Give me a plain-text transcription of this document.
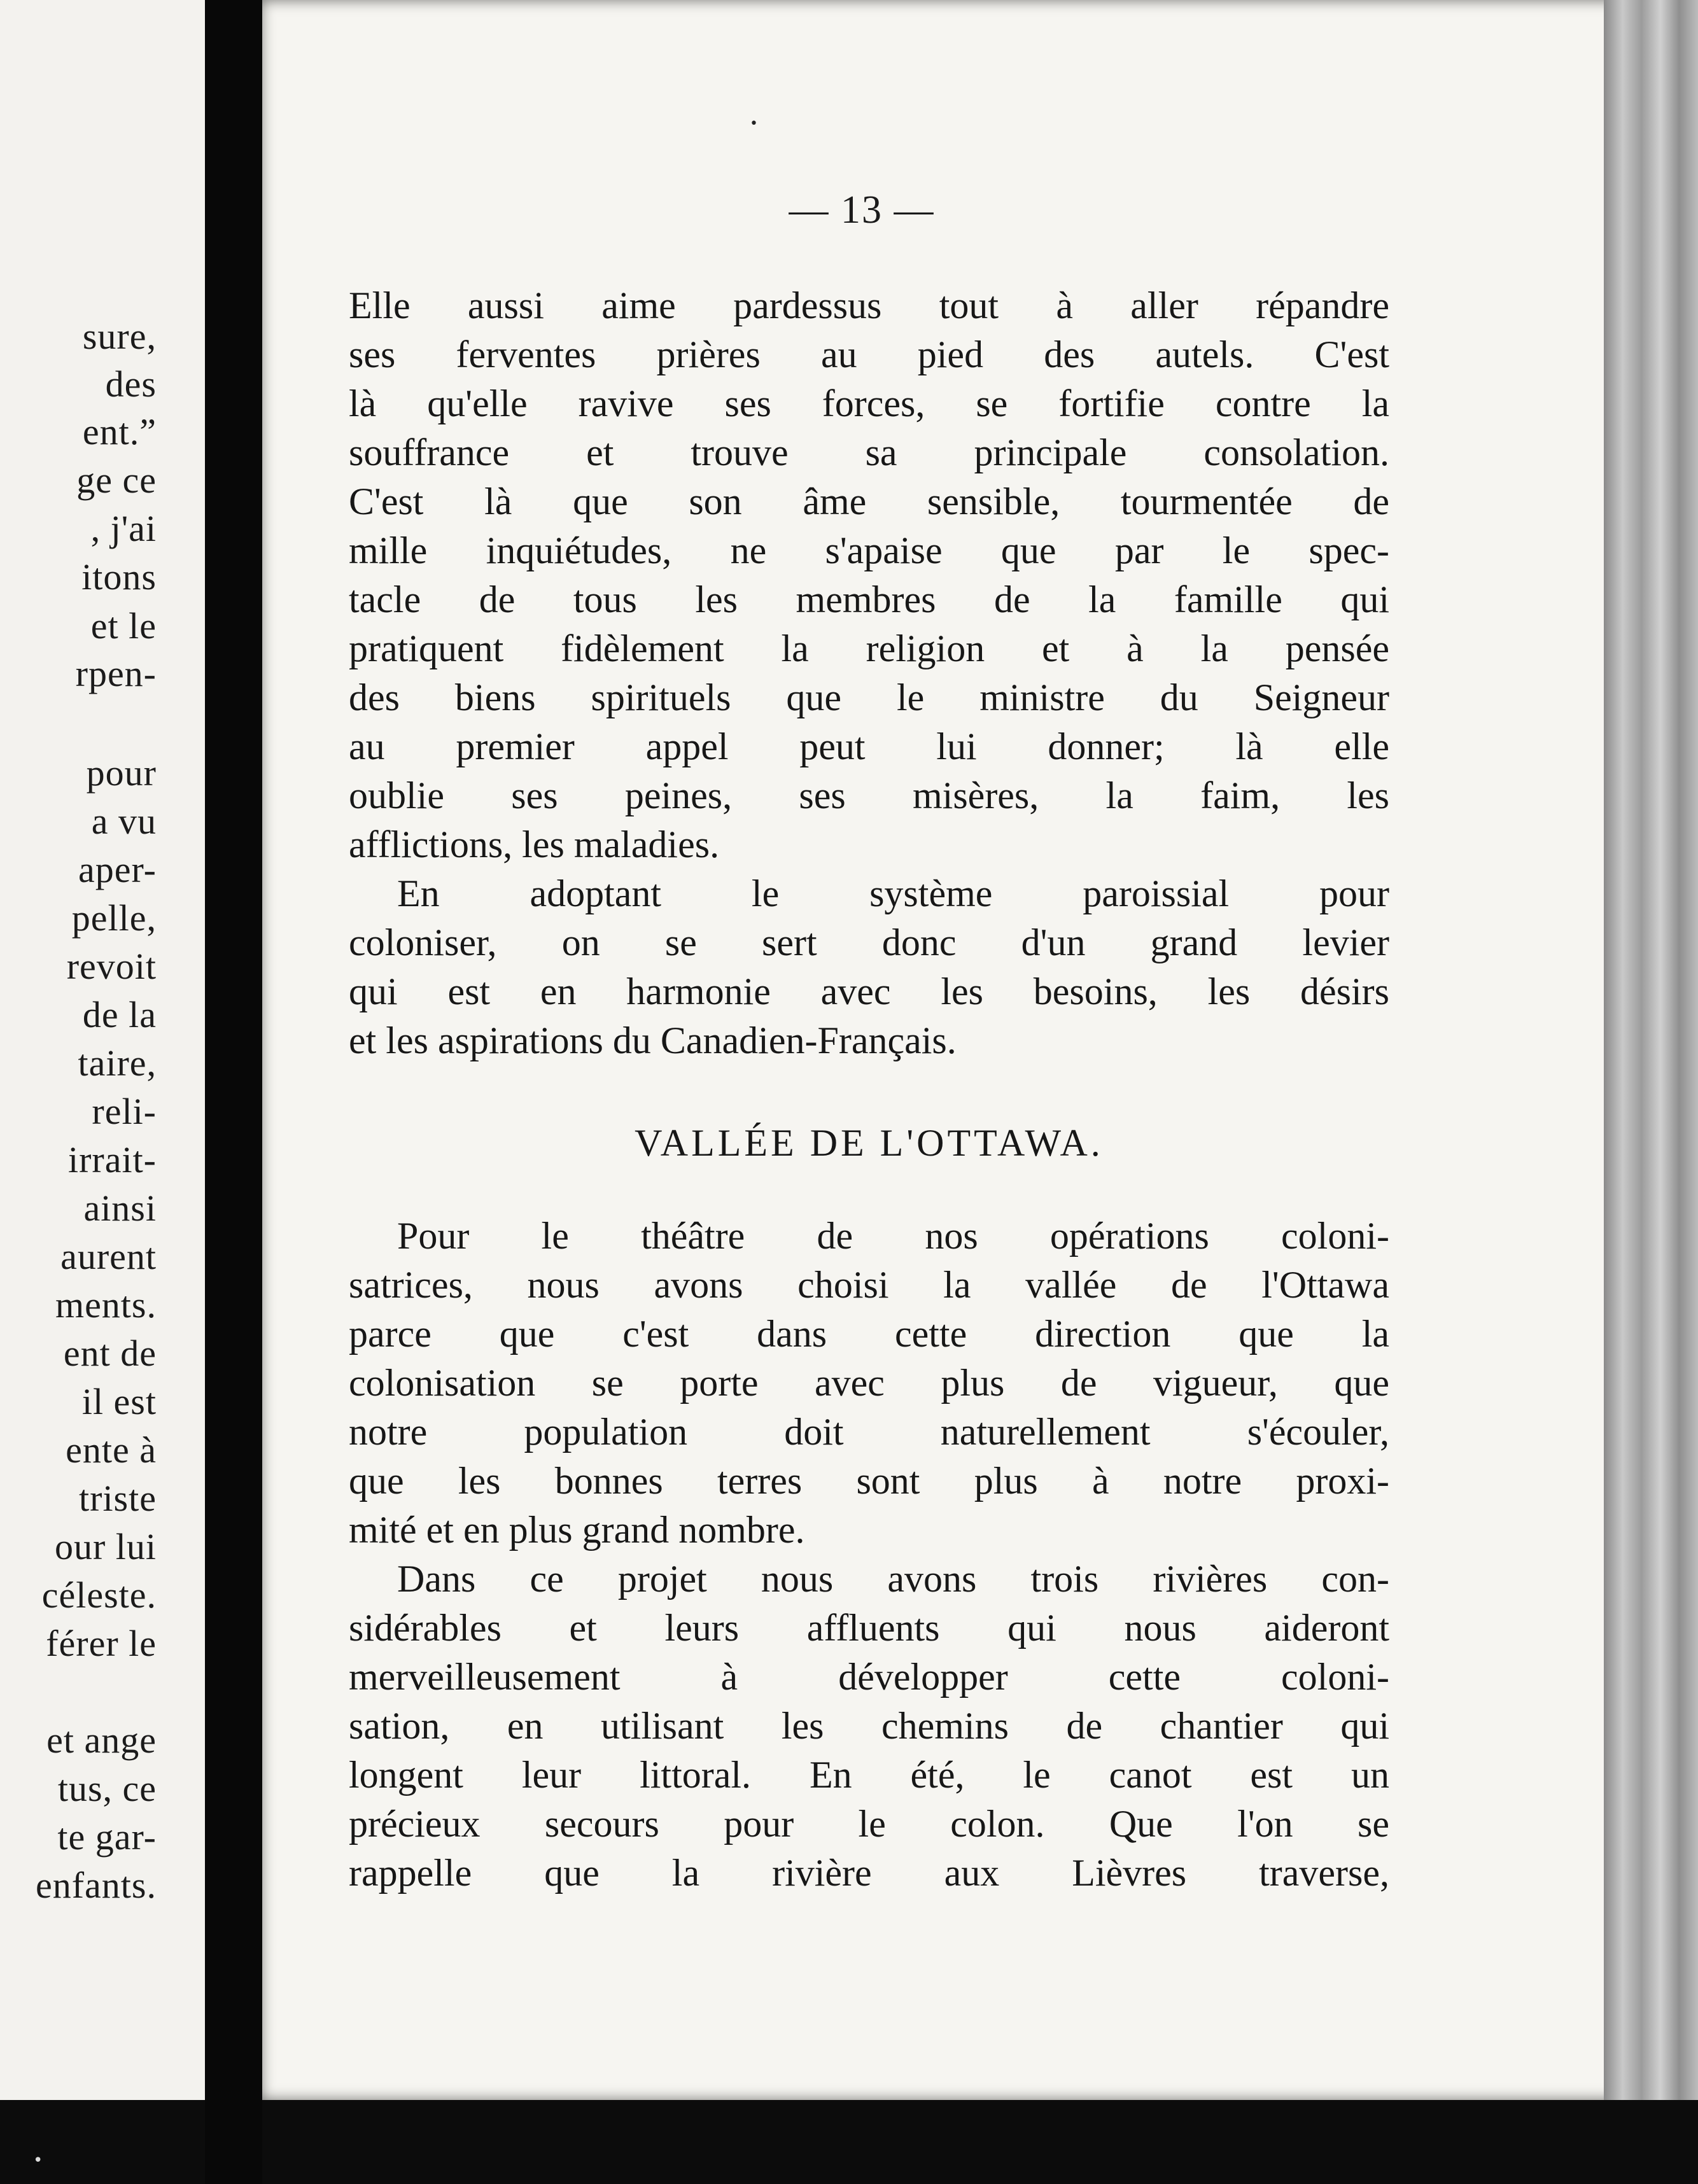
sure,

des

ent.”

ge ce

, j'ai

itons

et le

rpen-

pour

a vu

aper-

pelle,

revoit

de la

taire,

reli-

irrait-

ainsi

aurent

ments.

ent de

il est

ente à

triste

our lui

céleste.

férer le

et ange

tus, ce

te gar-

enfants.

— 13 —

Elle aussi aime pardessus tout à aller répandre

ses ferventes prières au pied des autels. C'est

là qu'elle ravive ses forces, se fortifie contre la

souffrance et trouve sa principale consolation.

C'est là que son âme sensible, tourmentée de

mille inquiétudes, ne s'apaise que par le spec-

tacle de tous les membres de la famille qui

pratiquent fidèlement la religion et à la pensée

des biens spirituels que le ministre du Seigneur

au premier appel peut lui donner; là elle

oublie ses peines, ses misères, la faim, les

afflictions, les maladies.

En adoptant le système paroissial pour

coloniser, on se sert donc d'un grand levier

qui est en harmonie avec les besoins, les désirs

et les aspirations du Canadien-Français.

Pour le théâtre de nos opérations coloni-

satrices, nous avons choisi la vallée de l'Ottawa

parce que c'est dans cette direction que la

colonisation se porte avec plus de vigueur, que

notre population doit naturellement s'écouler,

que les bonnes terres sont plus à notre proxi-

mité et en plus grand nombre.

Dans ce projet nous avons trois rivières con-

sidérables et leurs affluents qui nous aideront

merveilleusement à développer cette coloni-

sation, en utilisant les chemins de chantier qui

longent leur littoral. En été, le canot est un

précieux secours pour le colon. Que l'on se

rappelle que la rivière aux Lièvres traverse,

VALLÉE DE L'OTTAWA.

•
•
